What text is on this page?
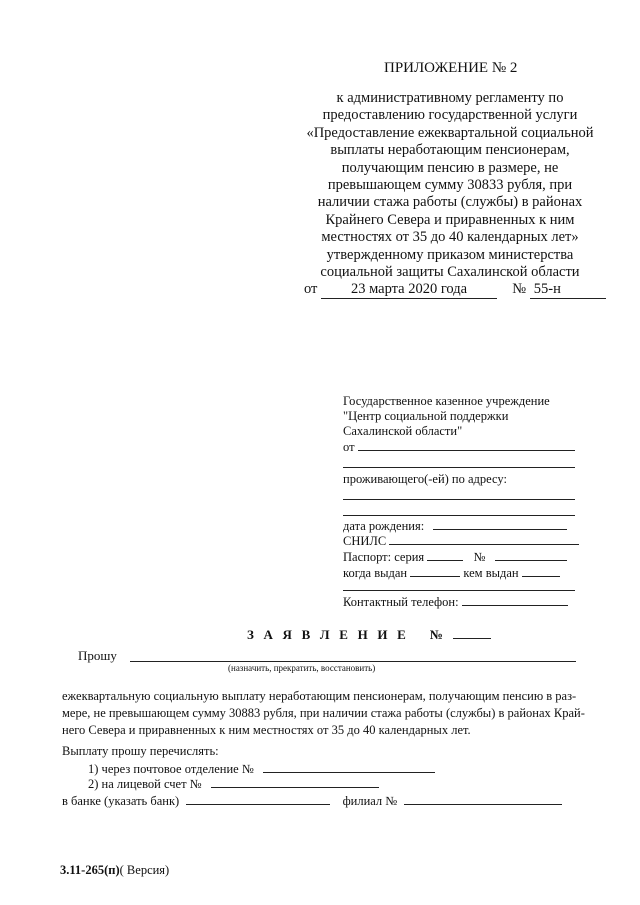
ПРИЛОЖЕНИЕ № 2
к административному регламенту по
предоставлению государственной услуги
«Предоставление ежеквартальной социальной
выплаты неработающим пенсионерам,
получающим пенсию в размере, не
превышающем сумму 30833 рубля, при
наличии стажа работы (службы) в районах
Крайнего Севера и приравненных к ним
местностях от 35 до 40 календарных лет»
утвержденному приказом министерства
социальной защиты Сахалинской области
от 23 марта 2020 года	№ 55-н
Государственное казенное учреждение
"Центр социальной поддержки
Сахалинской области"
от
проживающего(-ей) по адресу:
дата рождения:
СНИЛС
Паспорт: серия	№
когда выдан	кем выдан
Контактный телефон:
З А Я В Л Е Н И Е №
Прошу
(назначить, прекратить, восстановить)
ежеквартальную социальную выплату неработающим пенсионерам, получающим пенсию в раз-
мере, не превышающем сумму 30883 рубля, при наличии стажа работы (службы) в районах Край-
него Севера и приравненных к ним местностях от 35 до 40 календарных лет.
Выплату прошу перечислять:
1) через почтовое отделение №
2) на лицевой счет №
в банке (указать банк)	филиал №
3.11-265(п)( Версия)
